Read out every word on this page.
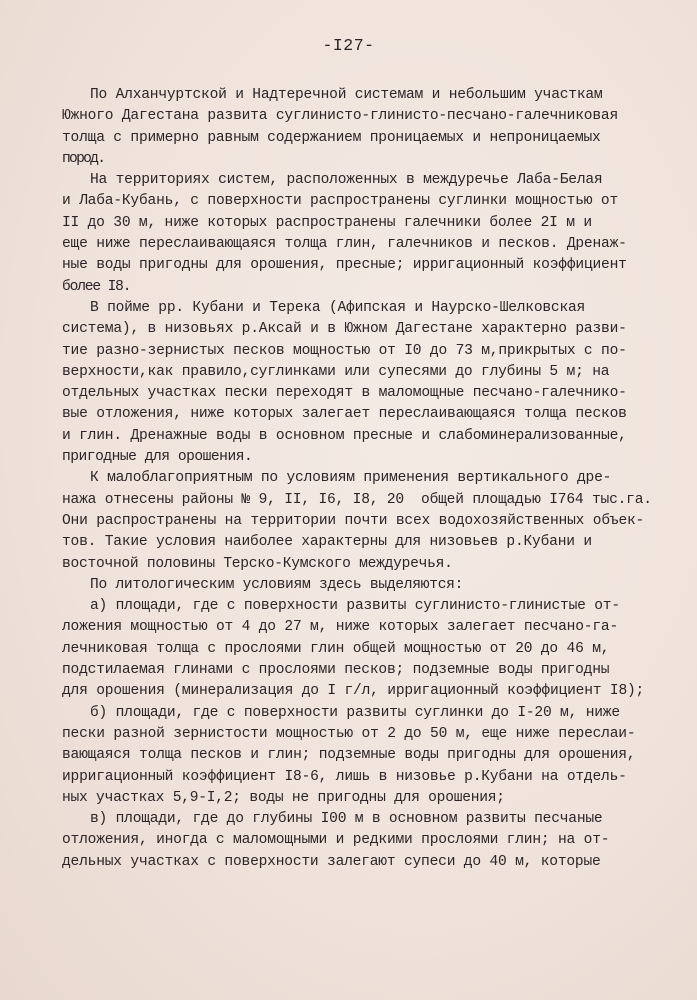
-I27-
По Алханчуртской и Надтеречной системам и небольшим участкам
Южного Дагестана развита суглинисто-глинисто-песчано-галечниковая
толща с примерно равным содержанием проницаемых и непроницаемых
пород.
На территориях систем, расположенных в междуречье Лаба-Белая
и Лаба-Кубань, с поверхности распространены суглинки мощностью от
II до 30 м, ниже которых распространены галечники более 2I м и
еще ниже переслаивающаяся толща глин, галечников и песков. Дренаж-
ные воды пригодны для орошения, пресные; ирригационный коэффициент
более I8.
В пойме рр. Кубани и Терека (Афипская и Наурско-Шелковская
система), в низовьях р.Аксай и в Южном Дагестане характерно разви-
тие разно-зернистых песков мощностью от I0 до 73 м,прикрытых с по-
верхности,как правило,суглинками или супесями до глубины 5 м; на
отдельных участках пески переходят в маломощные песчано-галечнико-
вые отложения, ниже которых залегает переслаивающаяся толща песков
и глин. Дренажные воды в основном пресные и слабоминерализованные,
пригодные для орошения.
К малоблагоприятным по условиям применения вертикального дре-
нажа отнесены районы № 9, II, I6, I8, 20  общей площадью I764 тыс.га.
Они распространены на территории почти всех водохозяйственных объек-
тов. Такие условия наиболее характерны для низовьев р.Кубани и
восточной половины Терско-Кумского междуречья.
По литологическим условиям здесь выделяются:
а) площади, где с поверхности развиты суглинисто-глинистые от-
ложения мощностью от 4 до 27 м, ниже которых залегает песчано-га-
лечниковая толща с прослоями глин общей мощностью от 20 до 46 м,
подстилаемая глинами с прослоями песков; подземные воды пригодны
для орошения (минерализация до I г/л, ирригационный коэффициент I8);
б) площади, где с поверхности развиты суглинки до I-20 м, ниже
пески разной зернистости мощностью от 2 до 50 м, еще ниже переслаи-
вающаяся толща песков и глин; подземные воды пригодны для орошения,
ирригационный коэффициент I8-6, лишь в низовье р.Кубани на отдель-
ных участках 5,9-I,2; воды не пригодны для орошения;
в) площади, где до глубины I00 м в основном развиты песчаные
отложения, иногда с маломощными и редкими прослоями глин; на от-
дельных участках с поверхности залегают супеси до 40 м, которые
